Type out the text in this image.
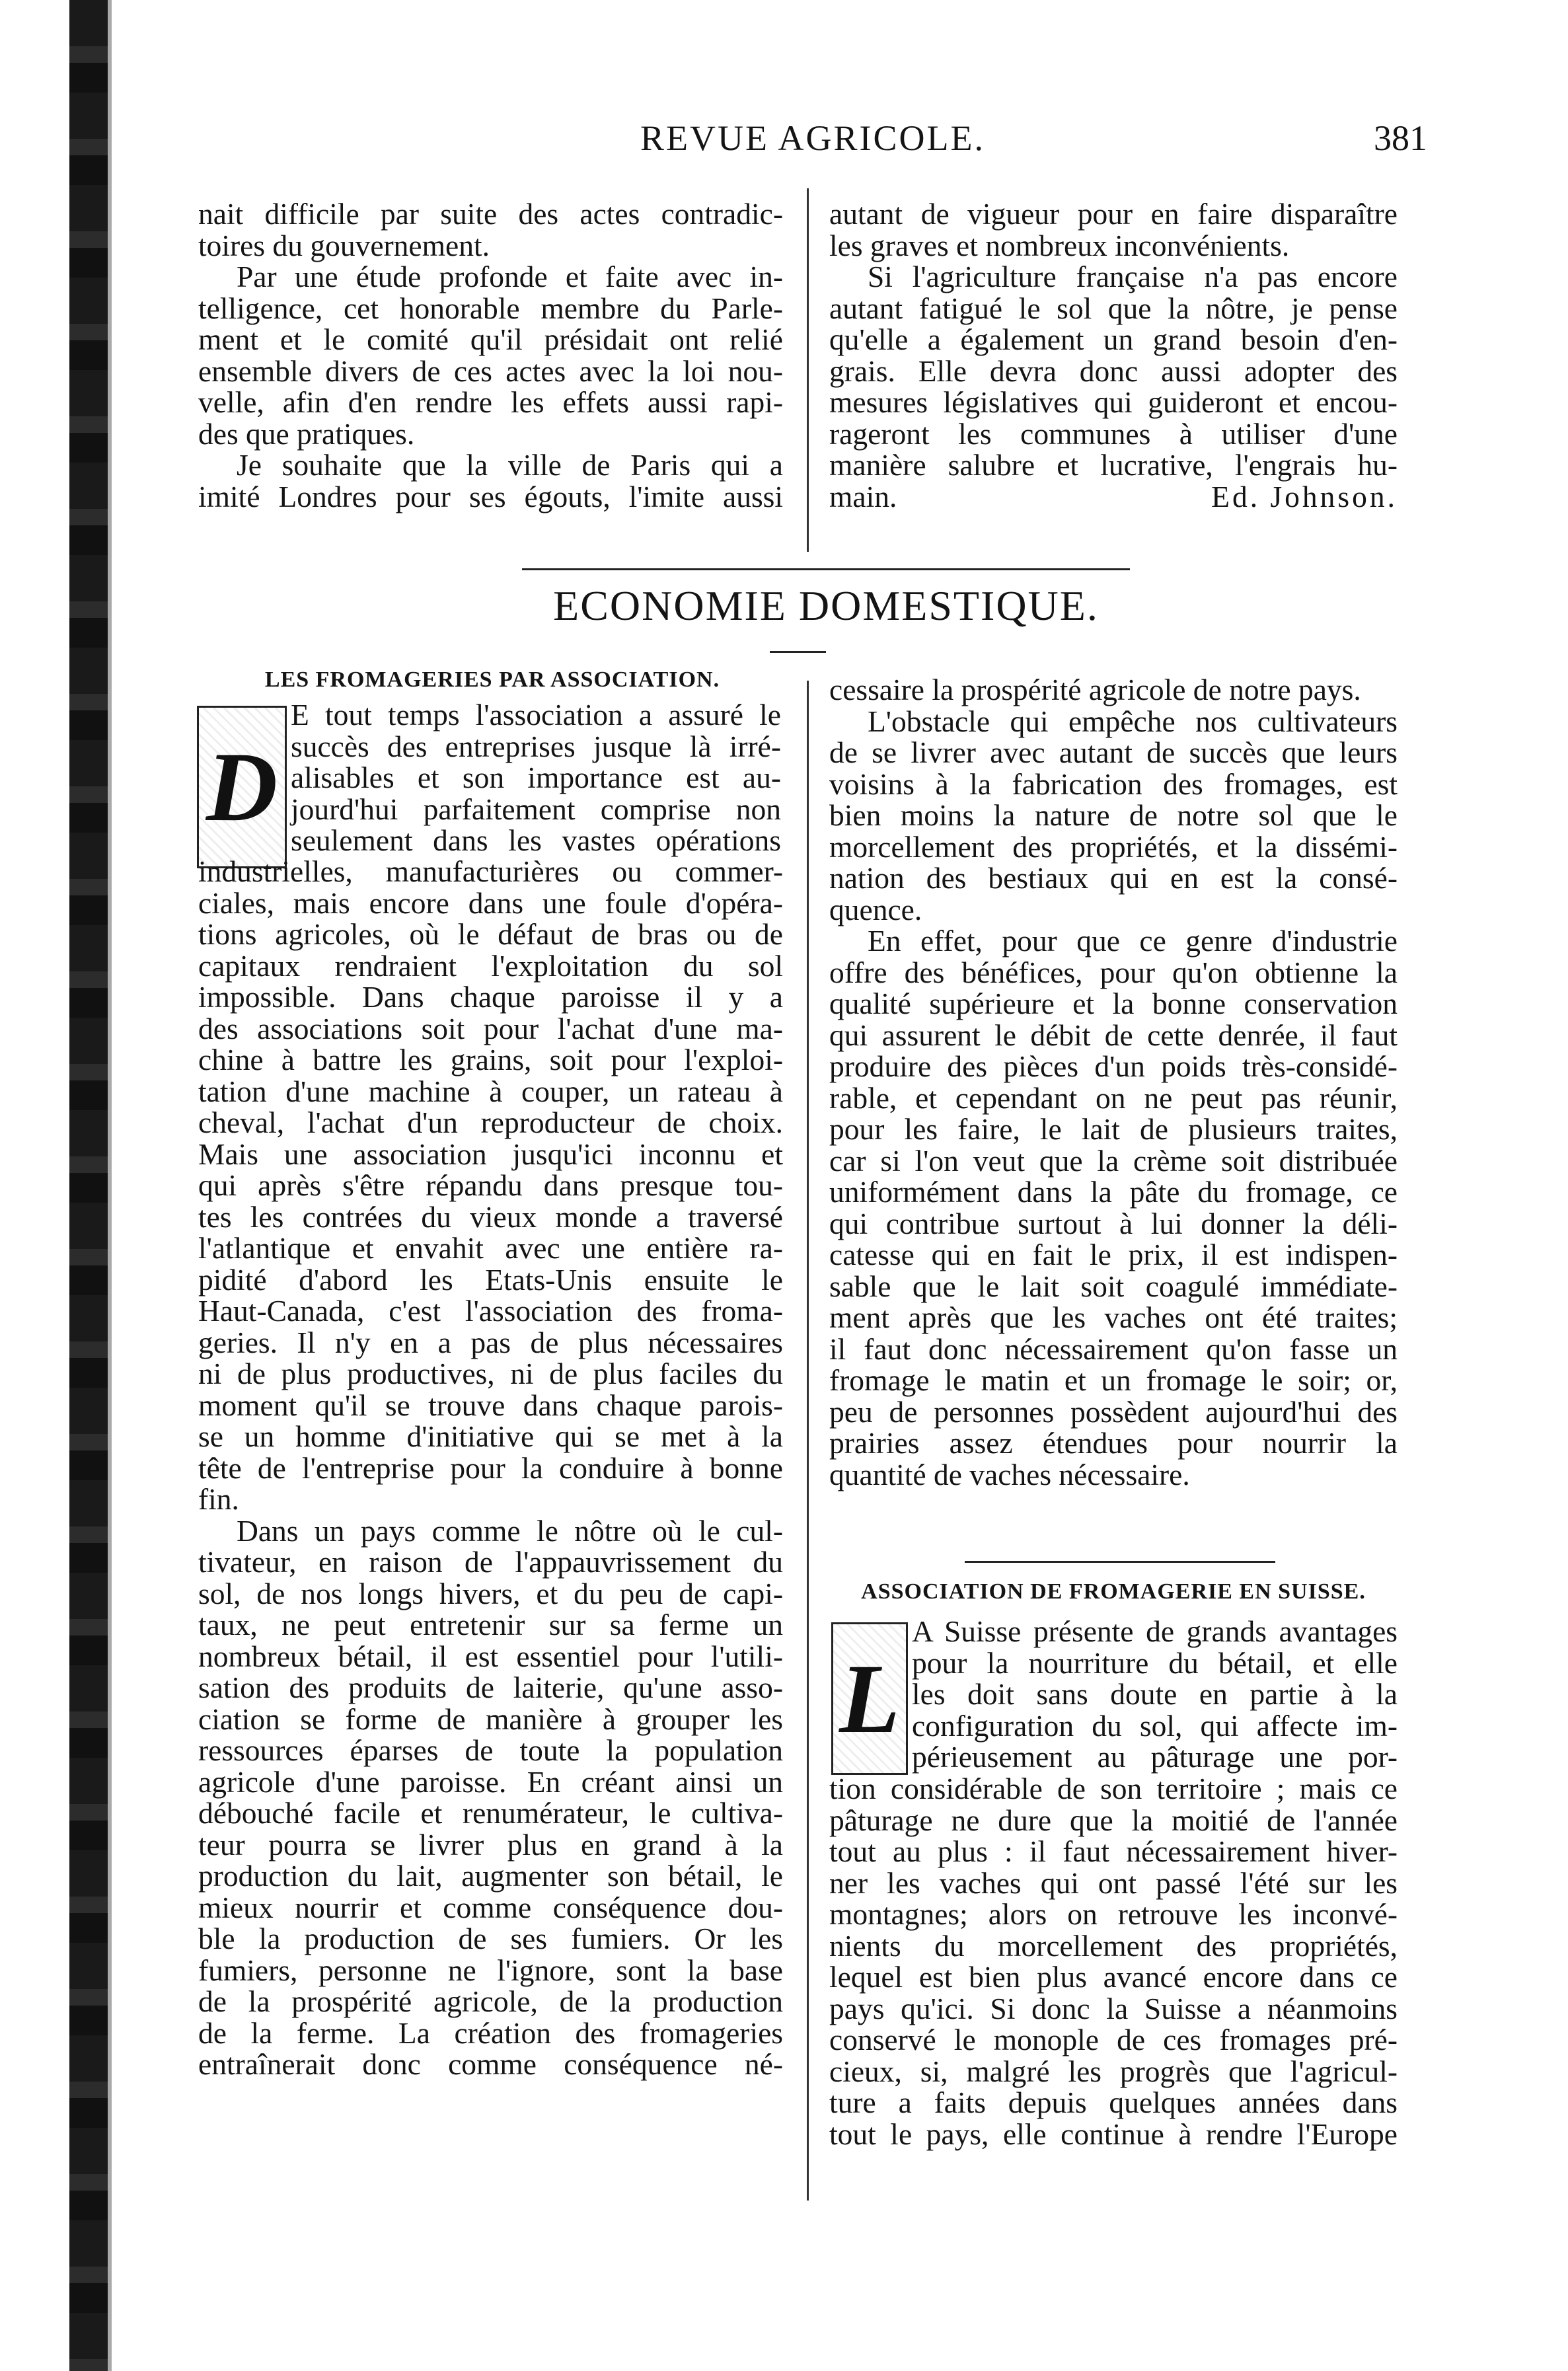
REVUE AGRICOLE.	381
nait difficile par suite des actes contradic-
toires du gouvernement.
Par une étude profonde et faite avec in-
telligence, cet honorable membre du Parle-
ment et le comité qu'il présidait ont relié
ensemble divers de ces actes avec la loi nou-
velle, afin d'en rendre les effets aussi rapi-
des que pratiques.
Je souhaite que la ville de Paris qui a
imité Londres pour ses égouts, l'imite aussi
autant de vigueur pour en faire disparaître
les graves et nombreux inconvénients.
Si l'agriculture française n'a pas encore
autant fatigué le sol que la nôtre, je pense
qu'elle a également un grand besoin d'en-
grais. Elle devra donc aussi adopter des
mesures législatives qui guideront et encou-
rageront les communes à utiliser d'une
manière salubre et lucrative, l'engrais hu-
main.	Ed. Johnson.
ECONOMIE DOMESTIQUE.
LES FROMAGERIES PAR ASSOCIATION.
D
E tout temps l'association a assuré le
succès des entreprises jusque là irré-
alisables et son importance est au-
jourd'hui parfaitement comprise non
seulement dans les vastes opérations
industrielles, manufacturières ou commer-
ciales, mais encore dans une foule d'opéra-
tions agricoles, où le défaut de bras ou de
capitaux rendraient l'exploitation du sol
impossible. Dans chaque paroisse il y a
des associations soit pour l'achat d'une ma-
chine à battre les grains, soit pour l'exploi-
tation d'une machine à couper, un rateau à
cheval, l'achat d'un reproducteur de choix.
Mais une association jusqu'ici inconnu et
qui après s'être répandu dans presque tou-
tes les contrées du vieux monde a traversé
l'atlantique et envahit avec une entière ra-
pidité d'abord les Etats-Unis ensuite le
Haut-Canada, c'est l'association des froma-
geries. Il n'y en a pas de plus nécessaires
ni de plus productives, ni de plus faciles du
moment qu'il se trouve dans chaque parois-
se un homme d'initiative qui se met à la
tête de l'entreprise pour la conduire à bonne
fin.
Dans un pays comme le nôtre où le cul-
tivateur, en raison de l'appauvrissement du
sol, de nos longs hivers, et du peu de capi-
taux, ne peut entretenir sur sa ferme un
nombreux bétail, il est essentiel pour l'utili-
sation des produits de laiterie, qu'une asso-
ciation se forme de manière à grouper les
ressources éparses de toute la population
agricole d'une paroisse. En créant ainsi un
débouché facile et renumérateur, le cultiva-
teur pourra se livrer plus en grand à la
production du lait, augmenter son bétail, le
mieux nourrir et comme conséquence dou-
ble la production de ses fumiers. Or les
fumiers, personne ne l'ignore, sont la base
de la prospérité agricole, de la production
de la ferme. La création des fromageries
entraînerait donc comme conséquence né-
cessaire la prospérité agricole de notre pays.
L'obstacle qui empêche nos cultivateurs
de se livrer avec autant de succès que leurs
voisins à la fabrication des fromages, est
bien moins la nature de notre sol que le
morcellement des propriétés, et la dissémi-
nation des bestiaux qui en est la consé-
quence.
En effet, pour que ce genre d'industrie
offre des bénéfices, pour qu'on obtienne la
qualité supérieure et la bonne conservation
qui assurent le débit de cette denrée, il faut
produire des pièces d'un poids très-considé-
rable, et cependant on ne peut pas réunir,
pour les faire, le lait de plusieurs traites,
car si l'on veut que la crème soit distribuée
uniformément dans la pâte du fromage, ce
qui contribue surtout à lui donner la déli-
catesse qui en fait le prix, il est indispen-
sable que le lait soit coagulé immédiate-
ment après que les vaches ont été traites;
il faut donc nécessairement qu'on fasse un
fromage le matin et un fromage le soir; or,
peu de personnes possèdent aujourd'hui des
prairies assez étendues pour nourrir la
quantité de vaches nécessaire.
ASSOCIATION DE FROMAGERIE EN SUISSE.
L
A Suisse présente de grands avantages
pour la nourriture du bétail, et elle
les doit sans doute en partie à la
configuration du sol, qui affecte im-
périeusement au pâturage une por-
tion considérable de son territoire ; mais ce
pâturage ne dure que la moitié de l'année
tout au plus : il faut nécessairement hiver-
ner les vaches qui ont passé l'été sur les
montagnes; alors on retrouve les inconvé-
nients du morcellement des propriétés,
lequel est bien plus avancé encore dans ce
pays qu'ici. Si donc la Suisse a néanmoins
conservé le monople de ces fromages pré-
cieux, si, malgré les progrès que l'agricul-
ture a faits depuis quelques années dans
tout le pays, elle continue à rendre l'Europe
